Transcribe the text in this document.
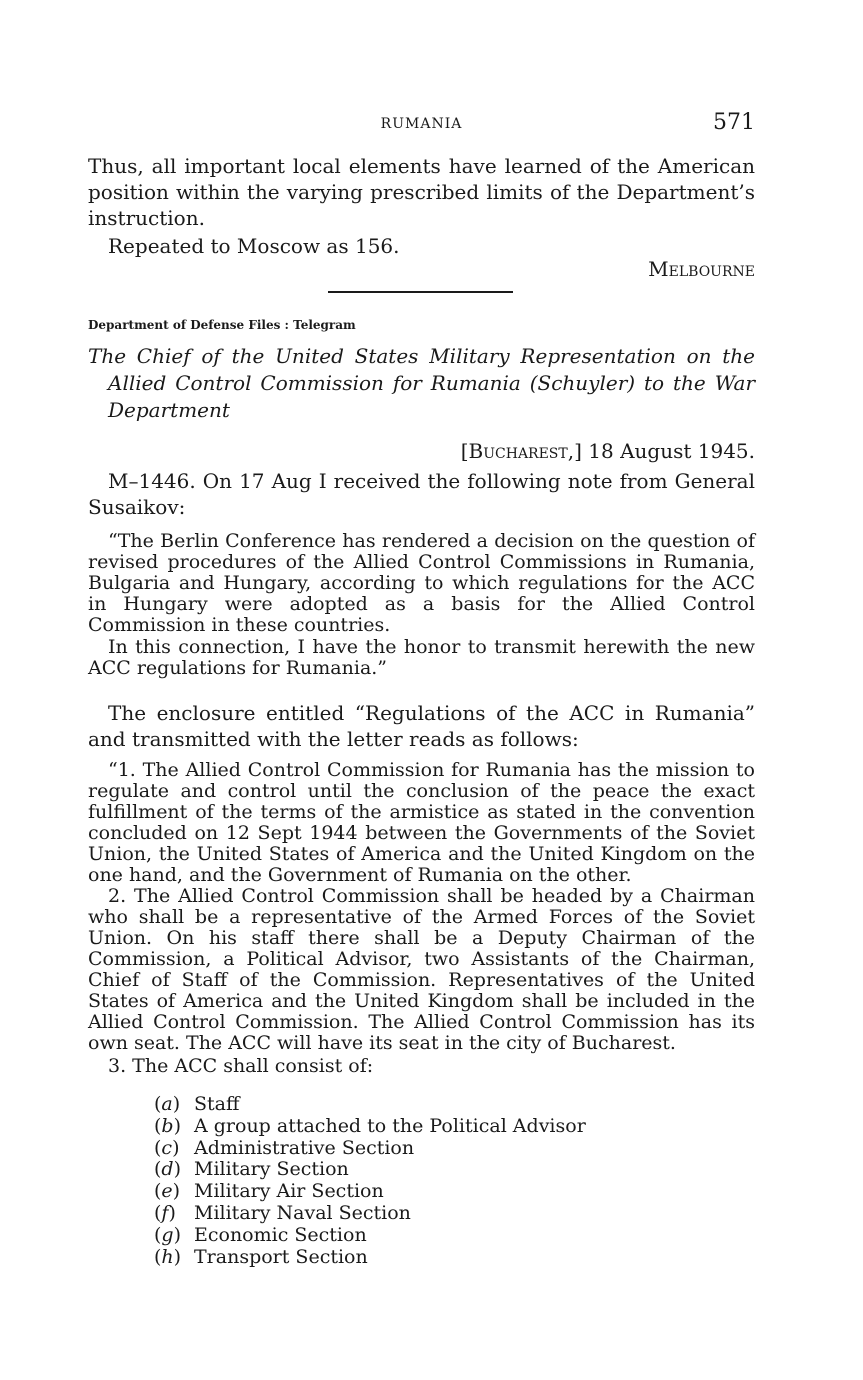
RUMANIA	571

Thus, all important local elements have learned of the American position within the varying prescribed limits of the Department’s instruction.

Repeated to Moscow as 156.

Melbourne

Department of Defense Files : Telegram

The Chief of the United States Military Representation on the Allied Control Commission for Rumania (Schuyler) to the War Department

[Bucharest,] 18 August 1945.

M–1446. On 17 Aug I received the following note from General Susaikov:

“The Berlin Conference has rendered a decision on the question of revised procedures of the Allied Control Commissions in Rumania, Bulgaria and Hungary, according to which regulations for the ACC in Hungary were adopted as a basis for the Allied Control Commission in these countries.

In this connection, I have the honor to transmit herewith the new ACC regulations for Rumania.”

The enclosure entitled “Regulations of the ACC in Rumania” and transmitted with the letter reads as follows:

“1. The Allied Control Commission for Rumania has the mission to regulate and control until the conclusion of the peace the exact fulfillment of the terms of the armistice as stated in the convention concluded on 12 Sept 1944 between the Governments of the Soviet Union, the United States of America and the United Kingdom on the one hand, and the Government of Rumania on the other.

2. The Allied Control Commission shall be headed by a Chairman who shall be a representative of the Armed Forces of the Soviet Union. On his staff there shall be a Deputy Chairman of the Commission, a Political Advisor, two Assistants of the Chairman, Chief of Staff of the Commission. Representatives of the United States of America and the United Kingdom shall be included in the Allied Control Commission. The Allied Control Commission has its own seat. The ACC will have its seat in the city of Bucharest.

3. The ACC shall consist of:

(a) Staff
(b) A group attached to the Political Advisor
(c) Administrative Section
(d) Military Section
(e) Military Air Section
(f) Military Naval Section
(g) Economic Section
(h) Transport Section
